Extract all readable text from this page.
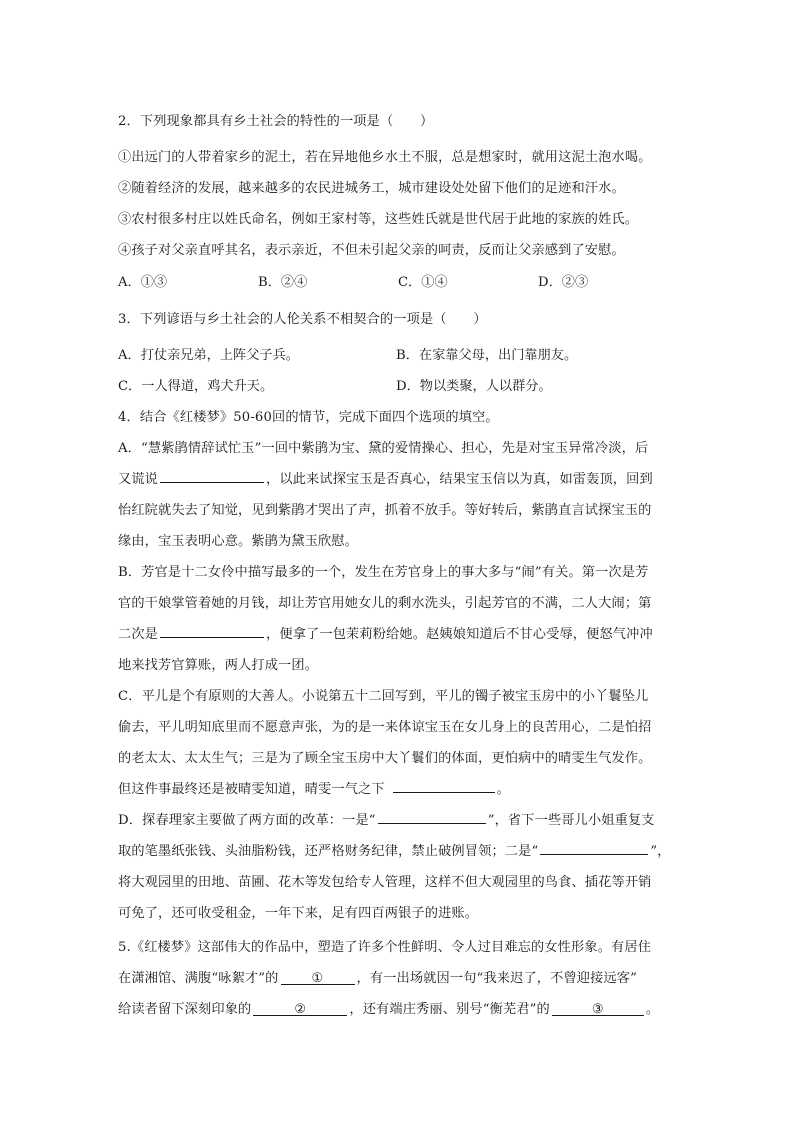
2．下列现象都具有乡土社会的特性的一项是（　　）
①出远门的人带着家乡的泥土，若在异地他乡水土不服，总是想家时，就用这泥土泡水喝。
②随着经济的发展，越来越多的农民进城务工，城市建设处处留下他们的足迹和汗水。
③农村很多村庄以姓氏命名，例如王家村等，这些姓氏就是世代居于此地的家族的姓氏。
④孩子对父亲直呼其名，表示亲近，不但未引起父亲的呵责，反而让父亲感到了安慰。
A．①③	B．②④	C．①④	D．②③
3．下列谚语与乡土社会的人伦关系不相契合的一项是（　　）
A．打仗亲兄弟，上阵父子兵。	B．在家靠父母，出门靠朋友。
C．一人得道，鸡犬升天。	D．物以类聚，人以群分。
4．结合《红楼梦》50-60回的情节，完成下面四个选项的填空。
A．“慧紫鹃情辞试忙玉”一回中紫鹃为宝、黛的爱情操心、担心，先是对宝玉异常冷淡，后
又谎说	，以此来试探宝玉是否真心，结果宝玉信以为真，如雷轰顶，回到
怡红院就失去了知觉，见到紫鹃才哭出了声，抓着不放手。等好转后，紫鹃直言试探宝玉的
缘由，宝玉表明心意。紫鹃为黛玉欣慰。
B．芳官是十二女伶中描写最多的一个，发生在芳官身上的事大多与“闹”有关。第一次是芳
官的干娘掌管着她的月钱，却让芳官用她女儿的剩水洗头，引起芳官的不满，二人大闹；第
二次是	，便拿了一包茉莉粉给她。赵姨娘知道后不甘心受辱，便怒气冲冲
地来找芳官算账，两人打成一团。
C．平儿是个有原则的大善人。小说第五十二回写到，平儿的镯子被宝玉房中的小丫鬟坠儿
偷去，平儿明知底里而不愿意声张，为的是一来体谅宝玉在女儿身上的良苦用心，二是怕招
的老太太、太太生气；三是为了顾全宝玉房中大丫鬟们的体面，更怕病中的晴雯生气发作。
但这件事最终还是被晴雯知道，晴雯一气之下	。
D．探春理家主要做了两方面的改革：一是“	”，省下一些哥儿小姐重复支
取的笔墨纸张钱、头油脂粉钱，还严格财务纪律，禁止破例冒领；二是“	”，
将大观园里的田地、苗圃、花木等发包给专人管理，这样不但大观园里的鸟食、插花等开销
可免了，还可收受租金，一年下来，足有四百两银子的进账。
5.《红楼梦》这部伟大的作品中，塑造了许多个性鲜明、令人过目难忘的女性形象。有居住
在潇湘馆、满腹“咏絮才”的	①	，有一出场就因一句“我来迟了，不曾迎接远客”
给读者留下深刻印象的	②	，还有端庄秀丽、别号“衡芜君”的	③	。
